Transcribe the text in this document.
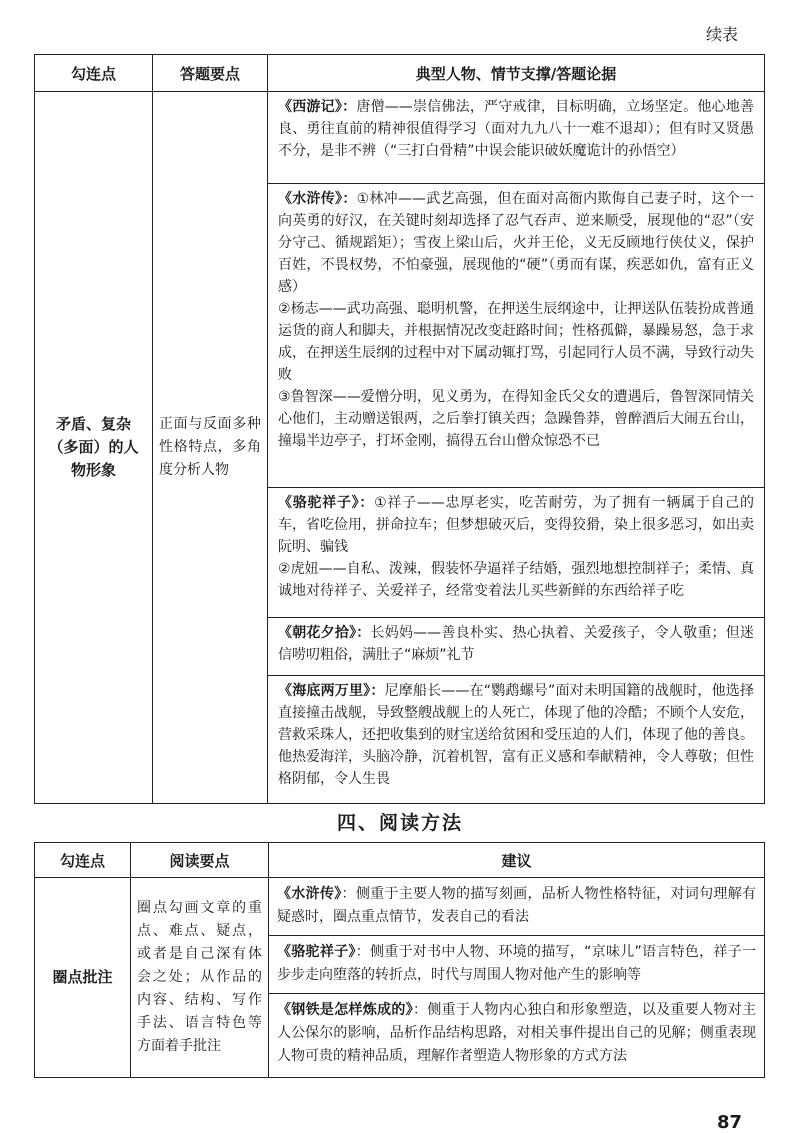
续表
勾连点	答题要点	典型人物、情节支撑/答题论据
矛盾、复杂（多面）的人物形象	正面与反面多种性格特点，多角度分析人物	《西游记》：唐僧——崇信佛法，严守戒律，目标明确，立场坚定。他心地善良、勇往直前的精神很值得学习（面对九九八十一难不退却）；但有时又贤愚不分，是非不辨（“三打白骨精”中误会能识破妖魔诡计的孙悟空）

		《水浒传》：①林冲——武艺高强，但在面对高衙内欺侮自己妻子时，这个一向英勇的好汉，在关键时刻却选择了忍气吞声、逆来顺受，展现他的“忍”（安分守己、循规蹈矩）；雪夜上梁山后，火并王伦，义无反顾地行侠仗义，保护百姓，不畏权势，不怕豪强，展现他的“硬”（勇而有谋，疾恶如仇，富有正义感）
②杨志——武功高强、聪明机警，在押送生辰纲途中，让押送队伍装扮成普通运货的商人和脚夫，并根据情况改变赶路时间；性格孤僻，暴躁易怒，急于求成，在押送生辰纲的过程中对下属动辄打骂，引起同行人员不满，导致行动失败
③鲁智深——爱憎分明，见义勇为，在得知金氏父女的遭遇后，鲁智深同情关心他们，主动赠送银两，之后拳打镇关西；急躁鲁莽，曾醉酒后大闹五台山，撞塌半边亭子，打坏金刚，搞得五台山僧众惊恐不已

		《骆驼祥子》：①祥子——忠厚老实，吃苦耐劳，为了拥有一辆属于自己的车，省吃俭用，拼命拉车；但梦想破灭后，变得狡猾，染上很多恶习，如出卖阮明、骗钱
②虎妞——自私、泼辣，假装怀孕逼祥子结婚，强烈地想控制祥子；柔情、真诚地对待祥子、关爱祥子，经常变着法儿买些新鲜的东西给祥子吃

		《朝花夕拾》：长妈妈——善良朴实、热心执着、关爱孩子，令人敬重；但迷信唠叨粗俗，满肚子“麻烦”礼节
		《海底两万里》：尼摩船长——在“鹦鹉螺号”面对未明国籍的战舰时，他选择直接撞击战舰，导致整艘战舰上的人死亡，体现了他的冷酷；不顾个人安危，营救采珠人，还把收集到的财宝送给贫困和受压迫的人们，体现了他的善良。他热爱海洋，头脑冷静，沉着机智，富有正义感和奉献精神，令人尊敬；但性格阴郁，令人生畏
四、阅读方法
勾连点	阅读要点	建议
圈点批注	圈点勾画文章的重点、难点、疑点，或者是自己深有体会之处；从作品的内容、结构、写作手法、语言特色等方面着手批注	《水浒传》：侧重于主要人物的描写刻画，品析人物性格特征，对词句理解有疑惑时，圈点重点情节，发表自己的看法
		《骆驼祥子》：侧重于对书中人物、环境的描写，“京味儿”语言特色，祥子一步步走向堕落的转折点，时代与周围人物对他产生的影响等
		《钢铁是怎样炼成的》：侧重于人物内心独白和形象塑造，以及重要人物对主人公保尔的影响，品析作品结构思路，对相关事件提出自己的见解；侧重表现人物可贵的精神品质，理解作者塑造人物形象的方式方法
87
